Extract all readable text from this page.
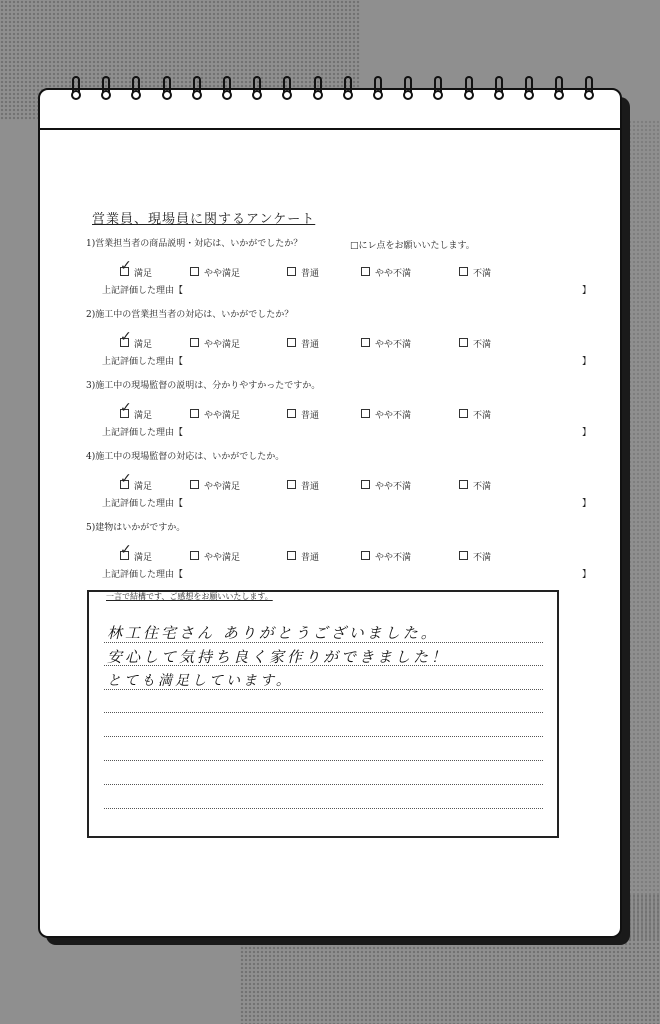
営業員、現場員に関するアンケート
□にレ点をお願いいたします。
1)営業担当者の商品説明・対応は、いかがでしたか？
✓ 満足	やや満足	普通	やや不満	不満
上記評価した理由【	】
2)施工中の営業担当者の対応は、いかがでしたか？
✓ 満足	やや満足	普通	やや不満	不満
上記評価した理由【	】
3)施工中の現場監督の説明は、分かりやすかったですか。
✓ 満足	やや満足	普通	やや不満	不満
上記評価した理由【	】
4)施工中の現場監督の対応は、いかがでしたか。
✓ 満足	やや満足	普通	やや不満	不満
上記評価した理由【	】
5)建物はいかがですか。
✓ 満足	やや満足	普通	やや不満	不満
上記評価した理由【	】
一言で結構です、ご感想をお願いいたします。
林工住宅さん ありがとうございました。
安心して気持ち良く家作りができました！
とても満足しています。
